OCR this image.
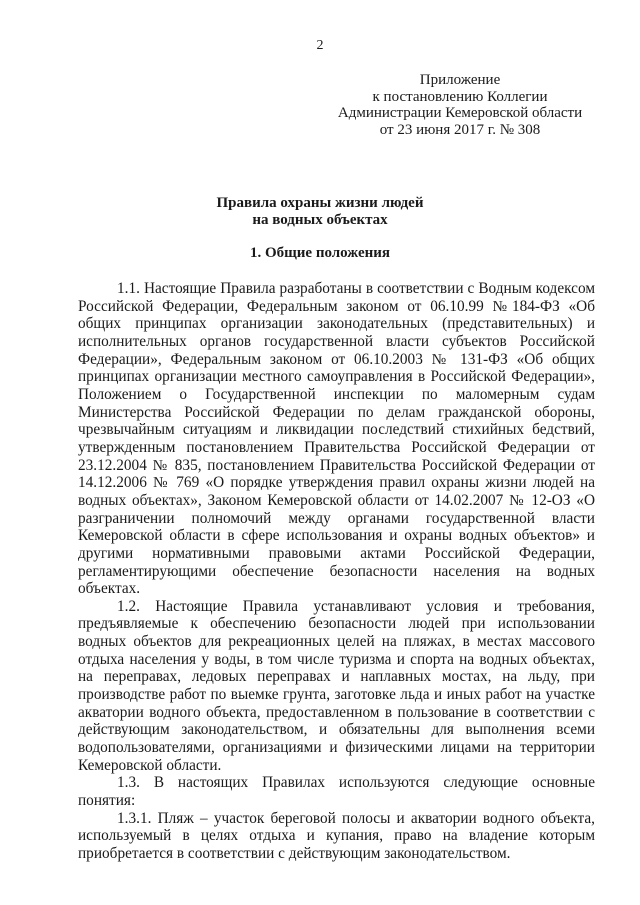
2
Приложение
к постановлению Коллегии
Администрации Кемеровской области
от 23 июня 2017 г. № 308
Правила охраны жизни людей
на водных объектах
1. Общие положения

1.1. Настоящие Правила разработаны в соответствии с Водным кодексом Российской Федерации, Федеральным законом от 06.10.99 №184-ФЗ «Об общих принципах организации законодательных (представительных) и исполнительных органов государственной власти субъектов Российской Федерации», Федеральным законом от 06.10.2003 № 131-ФЗ «Об общих принципах организации местного самоуправления в Российской Федерации», Положением о Государственной инспекции по маломерным судам Министерства Российской Федерации по делам гражданской обороны, чрезвычайным ситуациям и ликвидации последствий стихийных бедствий, утвержденным постановлением Правительства Российской Федерации от 23.12.2004 № 835, постановлением Правительства Российской Федерации от 14.12.2006 № 769 «О порядке утверждения правил охраны жизни людей на водных объектах», Законом Кемеровской области от 14.02.2007 № 12-ОЗ «О разграничении полномочий между органами государственной власти Кемеровской области в сфере использования и охраны водных объектов» и другими нормативными правовыми актами Российской Федерации, регламентирующими обеспечение безопасности населения на водных объектах.

1.2. Настоящие Правила устанавливают условия и требования, предъявляемые к обеспечению безопасности людей при использовании водных объектов для рекреационных целей на пляжах, в местах массового отдыха населения у воды, в том числе туризма и спорта на водных объектах, на переправах, ледовых переправах и наплавных мостах, на льду, при производстве работ по выемке грунта, заготовке льда и иных работ на участке акватории водного объекта, предоставленном в пользование в соответствии с действующим законодательством, и обязательны для выполнения всеми водопользователями, организациями и физическими лицами на территории Кемеровской области.

1.3. В настоящих Правилах используются следующие основные понятия:

1.3.1. Пляж – участок береговой полосы и акватории водного объекта, используемый в целях отдыха и купания, право на владение которым приобретается в соответствии с действующим законодательством.
